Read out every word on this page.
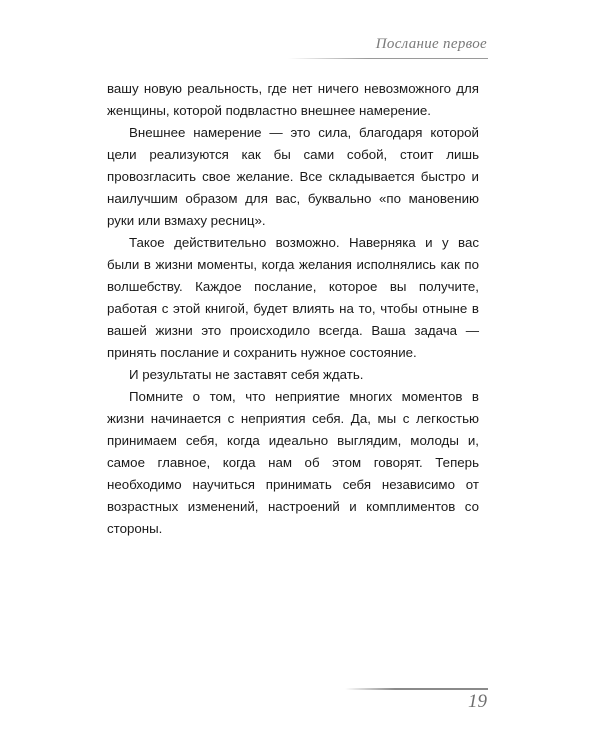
Послание первое

вашу новую реальность, где нет ничего невозможного для женщины, которой подвластно внешнее намерение.

Внешнее намерение — это сила, благодаря которой цели реализуются как бы сами собой, стоит лишь провозгласить свое желание. Все складывается быстро и наилучшим образом для вас, буквально «по мановению руки или взмаху ресниц».

Такое действительно возможно. Наверняка и у вас были в жизни моменты, когда желания исполнялись как по волшебству. Каждое послание, которое вы получите, работая с этой книгой, будет влиять на то, чтобы отныне в вашей жизни это происходило всегда. Ваша задача — принять послание и сохранить нужное состояние.

И результаты не заставят себя ждать.

Помните о том, что неприятие многих моментов в жизни начинается с неприятия себя. Да, мы с легкостью принимаем себя, когда идеально выглядим, молоды и, самое главное, когда нам об этом говорят. Теперь необходимо научиться принимать себя независимо от возрастных изменений, настроений и комплиментов со стороны.

19
